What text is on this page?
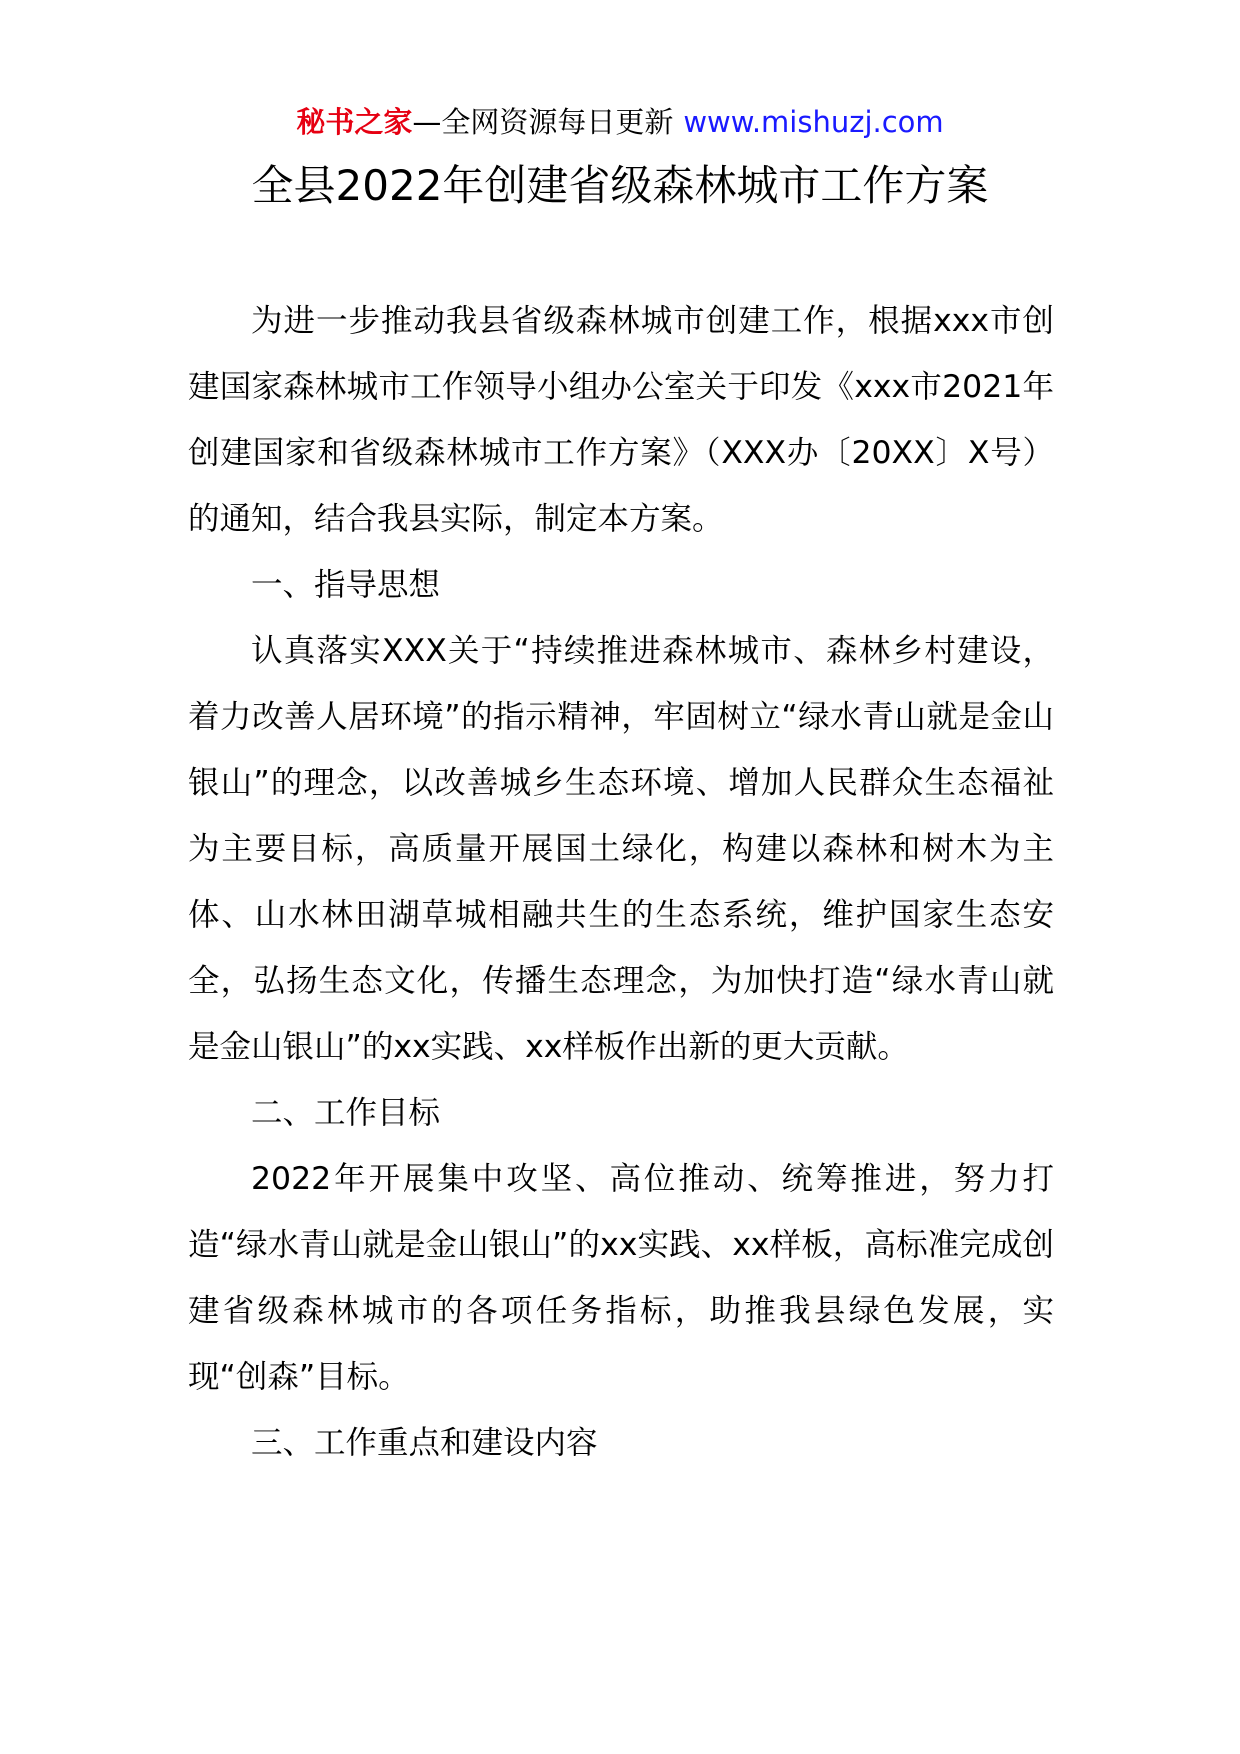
秘书之家—全网资源每日更新 www.mishuzj.com
全县2022年创建省级森林城市工作方案

为进一步推动我县省级森林城市创建工作，根据xxx市创建国家森林城市工作领导小组办公室关于印发《xxx市2021年创建国家和省级森林城市工作方案》（XXX办〔20XX〕X号）的通知，结合我县实际，制定本方案。

一、指导思想

认真落实XXX关于“持续推进森林城市、森林乡村建设，着力改善人居环境”的指示精神，牢固树立“绿水青山就是金山银山”的理念，以改善城乡生态环境、增加人民群众生态福祉为主要目标，高质量开展国土绿化，构建以森林和树木为主体、山水林田湖草城相融共生的生态系统，维护国家生态安全，弘扬生态文化，传播生态理念，为加快打造“绿水青山就是金山银山”的xx实践、xx样板作出新的更大贡献。

二、工作目标

2022年开展集中攻坚、高位推动、统筹推进，努力打造“绿水青山就是金山银山”的xx实践、xx样板，高标准完成创建省级森林城市的各项任务指标，助推我县绿色发展，实现“创森”目标。

三、工作重点和建设内容
